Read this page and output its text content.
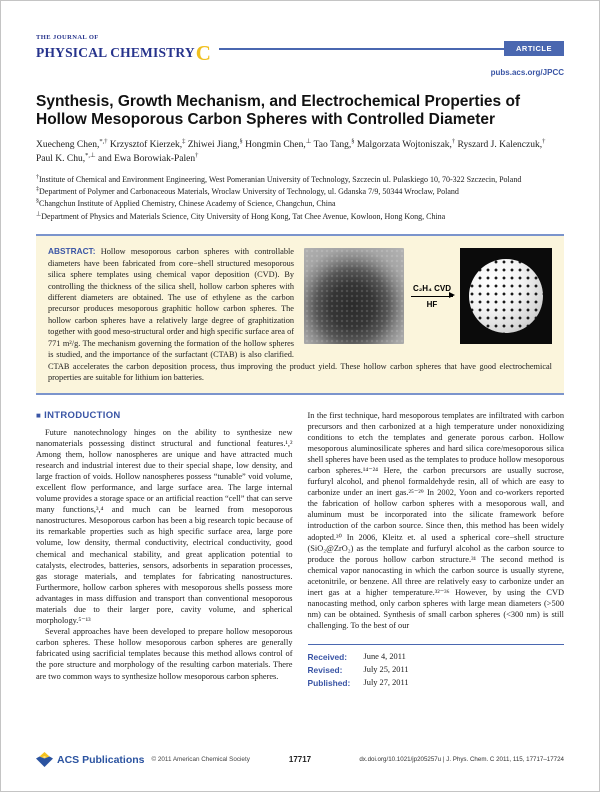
THE JOURNAL OF
PHYSICAL CHEMISTRYC	ARTICLE
pubs.acs.org/JPCC
Synthesis, Growth Mechanism, and Electrochemical Properties of Hollow Mesoporous Carbon Spheres with Controlled Diameter
Xuecheng Chen,*,† Krzysztof Kierzek,‡ Zhiwei Jiang,§ Hongmin Chen,⊥ Tao Tang,§ Malgorzata Wojtoniszak,† Ryszard J. Kalenczuk,† Paul K. Chu,*,⊥ and Ewa Borowiak-Palen†
†Institute of Chemical and Environment Engineering, West Pomeranian University of Technology, Szczecin ul. Pulaskiego 10, 70-322 Szczecin, Poland
‡Department of Polymer and Carbonaceous Materials, Wroclaw University of Technology, ul. Gdanska 7/9, 50344 Wroclaw, Poland
§Changchun Institute of Applied Chemistry, Chinese Academy of Science, Changchun, China
⊥Department of Physics and Materials Science, City University of Hong Kong, Tat Chee Avenue, Kowloon, Hong Kong, China
C₂H₄ CVD
HF

ABSTRACT: Hollow mesoporous carbon spheres with controllable diameters have been fabricated from core−shell structured mesoporous silica sphere templates using chemical vapor deposition (CVD). By controlling the thickness of the silica shell, hollow carbon spheres with different diameters are obtained. The use of ethylene as the carbon precursor produces mesoporous graphitic hollow carbon spheres. The hollow carbon spheres have a relatively large degree of graphitization together with good meso-structural order and high specific surface area of 771 m²/g. The mechanism governing the formation of the hollow spheres is studied, and the importance of the surfactant (CTAB) is also clarified. CTAB accelerates the carbon deposition process, thus improving the product yield. These hollow carbon spheres that have good electrochemical properties are suitable for lithium ion batteries.

■ INTRODUCTION

Future nanotechnology hinges on the ability to synthesize new nanomaterials possessing distinct structural and functional features.¹,² Among them, hollow nanospheres are unique and have attracted much research and industrial interest due to their special shape, low density, and large fraction of voids. Hollow nanospheres possess “tunable” void volume, excellent flow performance, and large surface area. The large internal volume provides a storage space or an artificial reaction “cell” that can serve many functions,³,⁴ and much can be learned from mesoporous nanostructures. Mesoporous carbon has been a big research topic because of its remarkable properties such as high specific surface area, large pore volume, low density, thermal conductivity, electrical conductivity, good chemical and mechanical stability, and great application potential to catalysts, electrodes, batteries, sensors, adsorbents in separation processes, gas storage materials, and templates for fabricating nanostructures. Furthermore, hollow carbon spheres with mesoporous shells possess more advantages in mass diffusion and transport than conventional mesoporous materials due to their larger pore, cavity volume, and spherical morphology.⁵⁻¹³

Several approaches have been developed to prepare hollow mesoporous carbon spheres. These hollow mesoporous carbon spheres are generally fabricated using sacrificial templates because this method allows control of the pore structure and morphology of the resulting carbon materials. There are two common ways to synthesize hollow mesoporous carbon spheres.

In the first technique, hard mesoporous templates are infiltrated with carbon precursors and then carbonized at a high temperature under nonoxidizing conditions to etch the templates and generate porous carbon. Hollow mesoporous aluminosilicate spheres and hard silica core/mesoporous silica shell spheres have been used as the templates to produce hollow mesoporous carbon spheres.¹⁴⁻²⁴ Here, the carbon precursors are usually sucrose, furfuryl alcohol, and phenol formaldehyde resin, all of which are easy to carbonize under an inert gas.²⁵⁻²⁹ In 2002, Yoon and co-workers reported the fabrication of hollow carbon spheres with a mesoporous wall, and aluminum must be incorporated into the silicate framework before introduction of the carbon source. Since then, this method has been widely adopted.³⁰ In 2006, Kleitz et. al used a spherical core−shell structure (SiO₂@ZrO₂) as the template and furfuryl alcohol as the carbon source to produce the porous hollow carbon structure.³¹ The second method is chemical vapor nanocasting in which the carbon source is usually styrene, acetonitrile, or benzene. All three are relatively easy to carbonize under an inert gas at a higher temperature.³²⁻³⁶ However, by using the CVD nanocasting method, only carbon spheres with large mean diameters (>500 nm) can be obtained. Synthesis of small carbon spheres (<300 nm) is still challenging. To the best of our

Received:	June 4, 2011
Revised:	July 25, 2011
Published:	July 27, 2011
ACS Publications © 2011 American Chemical Society	17717	dx.doi.org/10.1021/jp205257u | J. Phys. Chem. C 2011, 115, 17717–17724
